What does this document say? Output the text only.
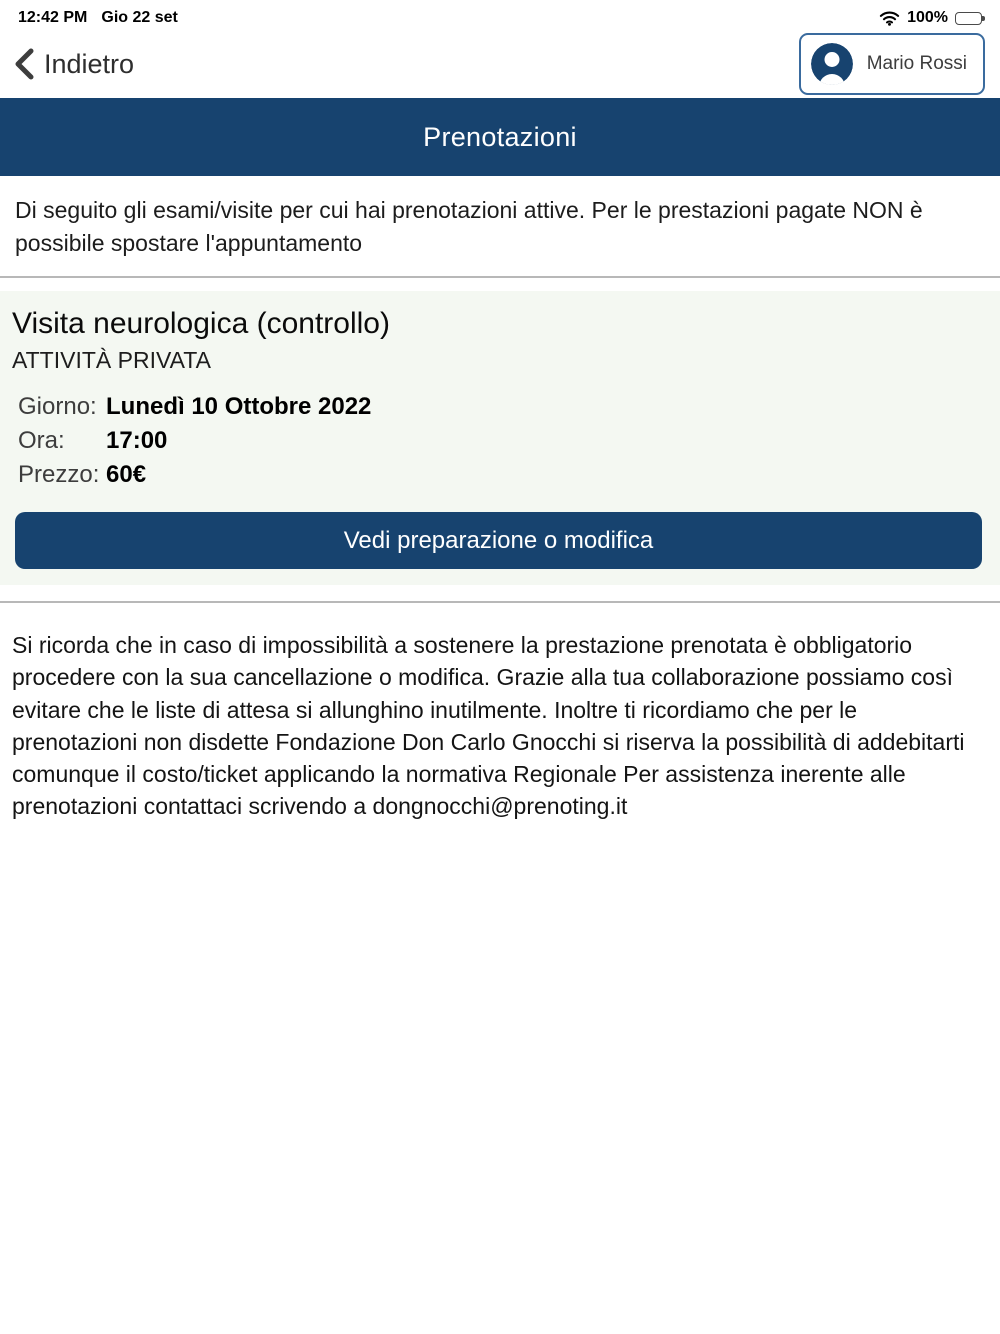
12:42 PM Gio 22 set	100%
Indietro	Mario Rossi
Prenotazioni

Di seguito gli esami/visite per cui hai prenotazioni attive. Per le prestazioni pagate NON è possibile spostare l'appuntamento

Visita neurologica (controllo)
ATTIVITÀ PRIVATA
Giorno: Lunedì 10 Ottobre 2022
Ora:	17:00
Prezzo: 60€
Vedi preparazione o modifica

Si ricorda che in caso di impossibilità a sostenere la prestazione prenotata è obbligatorio procedere con la sua cancellazione o modifica. Grazie alla tua collaborazione possiamo così evitare che le liste di attesa si allunghino inutilmente. Inoltre ti ricordiamo che per le prenotazioni non disdette Fondazione Don Carlo Gnocchi si riserva la possibilità di addebitarti comunque il costo/ticket applicando la normativa Regionale Per assistenza inerente alle prenotazioni contattaci scrivendo a dongnocchi@prenoting.it
